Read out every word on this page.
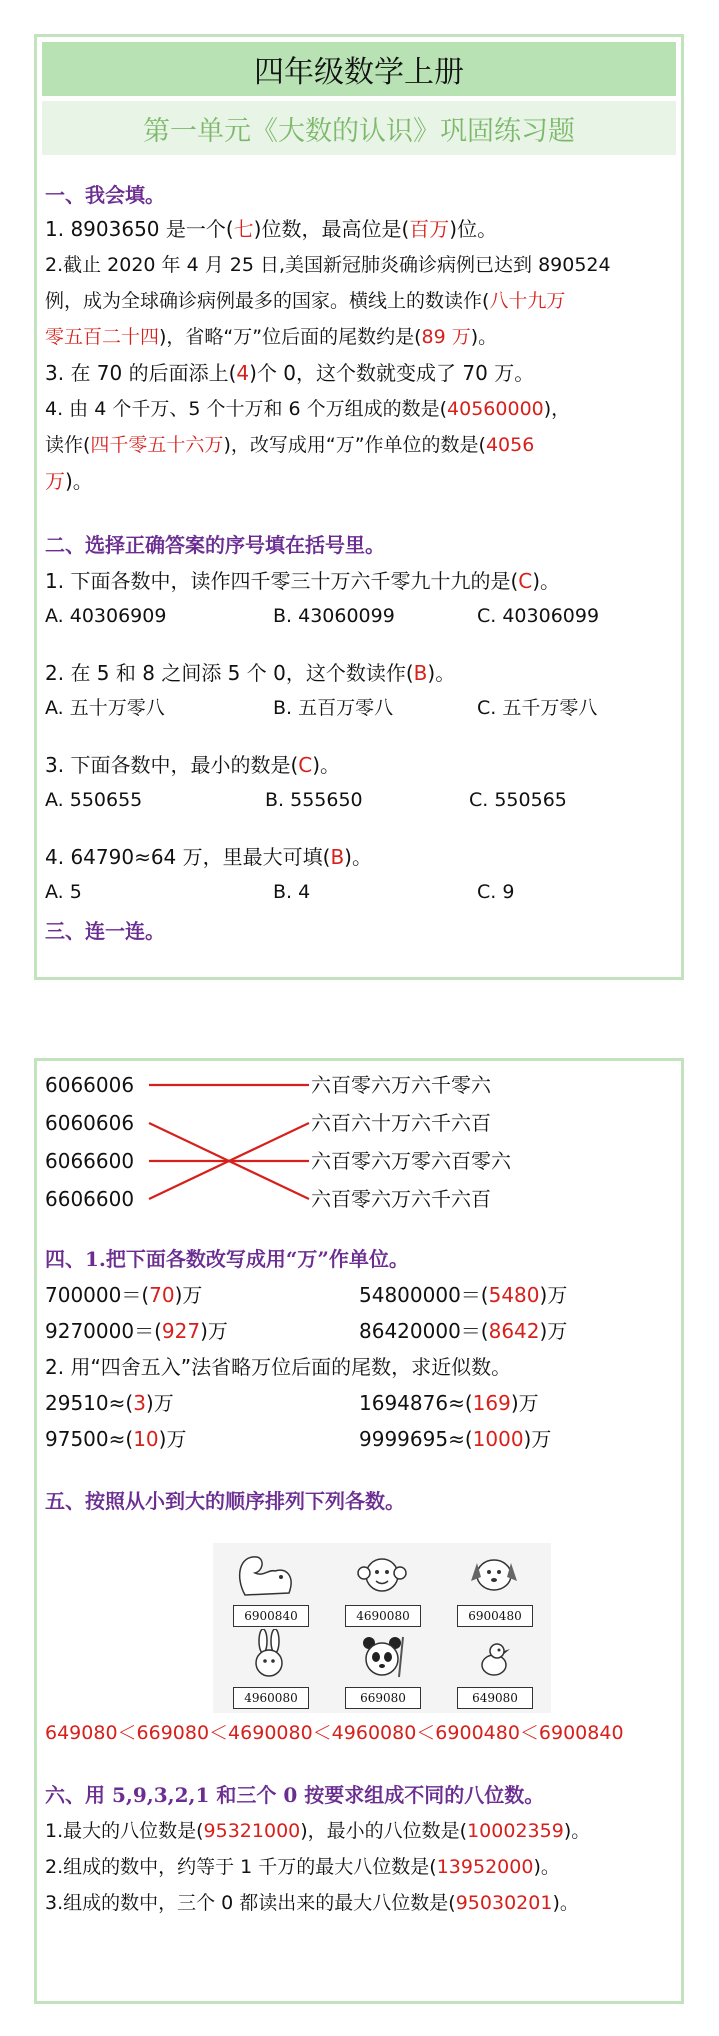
四年级数学上册
第一单元《大数的认识》巩固练习题
一、我会填。
1. 8903650 是一个(七)位数，最高位是(百万)位。
2.截止 2020 年 4 月 25 日,美国新冠肺炎确诊病例已达到 890524
例，成为全球确诊病例最多的国家。横线上的数读作(八十九万
零五百二十四)，省略“万”位后面的尾数约是(89 万)。
3. 在 70 的后面添上(4)个 0，这个数就变成了 70 万。
4. 由 4 个千万、5 个十万和 6 个万组成的数是(40560000)，
读作(四千零五十六万)，改写成用“万”作单位的数是(4056
万)。
二、选择正确答案的序号填在括号里。
1. 下面各数中，读作四千零三十万六千零九十九的是(C)。
A. 40306909	B. 43060099	C. 40306099
2. 在 5 和 8 之间添 5 个 0，这个数读作(B)。
A. 五十万零八	B. 五百万零八	C. 五千万零八
3. 下面各数中，最小的数是(C)。
A. 550655	B. 555650	C. 550565
4. 64790≈64 万，里最大可填(B)。
A. 5	B. 4	C. 9
三、连一连。
6066006
6060606
6066600
6606600
六百零六万六千零六
六百六十万六千六百
六百零六万零六百零六
六百零六万六千六百
四、1.把下面各数改写成用“万”作单位。
700000＝(70)万	54800000＝(5480)万
9270000＝(927)万	86420000＝(8642)万
2. 用“四舍五入”法省略万位后面的尾数，求近似数。
29510≈(3)万	1694876≈(169)万
97500≈(10)万	9999695≈(1000)万
五、按照从小到大的顺序排列下列各数。
6900840	4690080	6900480
4960080	669080	649080
649080＜669080＜4690080＜4960080＜6900480＜6900840
六、用 5,9,3,2,1 和三个 0 按要求组成不同的八位数。
1.最大的八位数是(95321000)，最小的八位数是(10002359)。
2.组成的数中，约等于 1 千万的最大八位数是(13952000)。
3.组成的数中，三个 0 都读出来的最大八位数是(95030201)。
